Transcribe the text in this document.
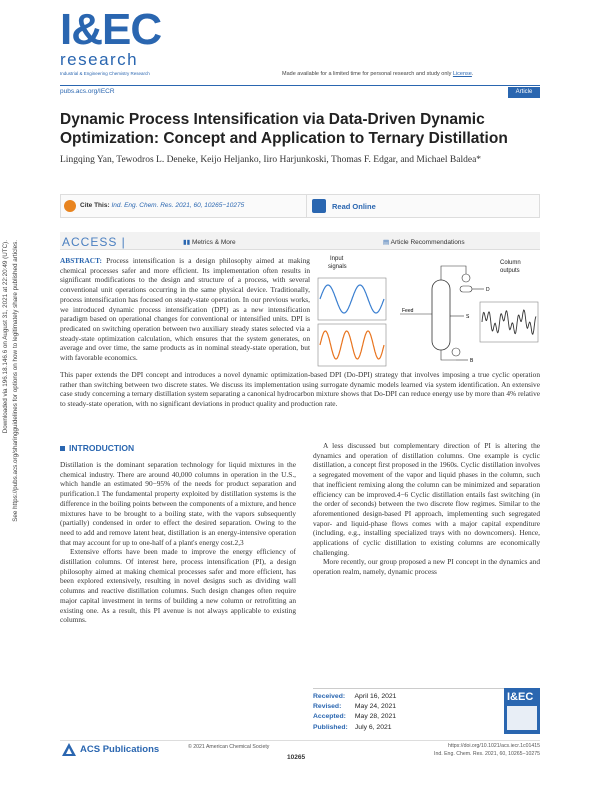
I&EC
research
Industrial & Engineering Chemistry Research	Made available for a limited time for personal research and study only License.
pubs.acs.org/IECR	Article
Dynamic Process Intensification via Data-Driven Dynamic Optimization: Concept and Application to Ternary Distillation
Lingqing Yan, Tewodros L. Deneke, Keijo Heljanko, Iiro Harjunkoski, Thomas F. Edgar, and Michael Baldea*
Cite This: Ind. Eng. Chem. Res. 2021, 60, 10265−10275	Read Online
ACCESS |	▮▮ Metrics & More	▤ Article Recommendations
ABSTRACT: Process intensification is a design philosophy aimed at making chemical processes safer and more efficient. Its implementation often results in significant modifications to the design and structure of a process, with several conventional unit operations occurring in the same physical device. Traditionally, process intensification has focused on steady-state operation. In our previous works, we introduced dynamic process intensification (DPI) as a new intensification paradigm based on operational changes for conventional or intensified units. DPI is predicated on switching operation between two auxiliary steady states selected via a steady-state optimization calculation, which ensures that the system generates, on average and over time, the same products as in nominal steady-state operation, but with favorable economics.
This paper extends the DPI concept and introduces a novel dynamic optimization-based DPI (Do-DPI) strategy that involves imposing a true cyclic operation rather than switching between two discrete states. We discuss its implementation using surrogate dynamic models learned via system identification. An extensive case study concerning a ternary distillation system separating a canonical hydrocarbon mixture shows that Do-DPI can reduce energy use by more than 4% relative to steady-state operation, with no significant deviations in product quality and production rate.
Input
signals
Column
outputs
D
Feed
S
B
Downloaded via 196.18.146.6 on August 31, 2021 at 22:20:49 (UTC). See https://pubs.acs.org/sharingguidelines for options on how to legitimately share published articles.	INTRODUCTION

Distillation is the dominant separation technology for liquid mixtures in the chemical industry. There are around 40,000 columns in operation in the U.S., which handle an estimated 90−95% of the needs for product separation and purification.1 The fundamental property exploited by distillation systems is the difference in the boiling points between the components of a mixture, and hence mixtures have to be brought to a boiling state, with the vapors subsequently (partially) condensed in order to effect the desired separation. Owing to the need to add and remove latent heat, distillation is an energy-intensive operation that may account for up to one-half of a plant's energy cost.2,3

Extensive efforts have been made to improve the energy efficiency of distillation columns. Of interest here, process intensification (PI), a design philosophy aimed at making chemical processes safer and more efficient, has been explored extensively, resulting in novel designs such as dividing wall columns and reactive distillation columns. Such design changes often require major capital investment in terms of building a new column or retrofitting an existing one. As a result, this PI avenue is not always applicable to existing columns.

A less discussed but complementary direction of PI is altering the dynamics and operation of distillation columns. One example is cyclic distillation, a concept first proposed in the 1960s. Cyclic distillation involves a segregated movement of the vapor and liquid phases in the column, such that inefficient remixing along the column can be minimized and separation efficiency can be improved.4−6 Cyclic distillation entails fast switching (in the order of seconds) between the two discrete flow regimes. Similar to the aforementioned design-based PI approach, implementing such segregated vapor- and liquid-phase flows comes with a major capital expenditure (including, e.g., installing specialized trays with no downcomers). Hence, applications of cyclic distillation to existing columns are economically challenging.

More recently, our group proposed a new PI concept in the dynamics and operation realm, namely, dynamic process

Received: April 16, 2021
Revised: May 24, 2021
Accepted: May 28, 2021
Published: July 6, 2021
I&EC
ACS Publications	© 2021 American Chemical Society
10265
https://doi.org/10.1021/acs.iecr.1c01415
Ind. Eng. Chem. Res. 2021, 60, 10265−10275
